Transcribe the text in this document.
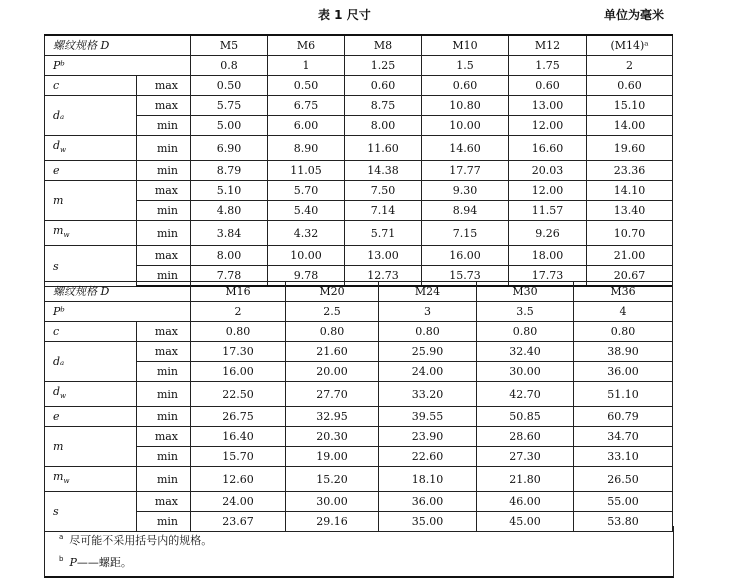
表 1 尺寸	单位为毫米
螺纹规格 D		M5	M6	M8	M10	M12	(M14)ᵃ
Pᵇ		0.8	1	1.25	1.5	1.75	2
c	max	0.50	0.50	0.60	0.60	0.60	0.60
dₐ	max	5.75	6.75	8.75	10.80	13.00	15.10
	min	5.00	6.00	8.00	10.00	12.00	14.00
$d_w$	min	6.90	8.90	11.60	14.60	16.60	19.60
e	min	8.79	11.05	14.38	17.77	20.03	23.36
m	max	5.10	5.70	7.50	9.30	12.00	14.10
	min	4.80	5.40	7.14	8.94	11.57	13.40
$m_w$	min	3.84	4.32	5.71	7.15	9.26	10.70
s	max	8.00	10.00	13.00	16.00	18.00	21.00
	min	7.78	9.78	12.73	15.73	17.73	20.67
螺纹规格 D		M16	M20	M24	M30	M36
Pᵇ		2	2.5	3	3.5	4
c	max	0.80	0.80	0.80	0.80	0.80
dₐ	max	17.30	21.60	25.90	32.40	38.90
	min	16.00	20.00	24.00	30.00	36.00
$d_w$	min	22.50	27.70	33.20	42.70	51.10
e	min	26.75	32.95	39.55	50.85	60.79
m	max	16.40	20.30	23.90	28.60	34.70
	min	15.70	19.00	22.60	27.30	33.10
$m_w$	min	12.60	15.20	18.10	21.80	26.50
s	max	24.00	30.00	36.00	46.00	55.00
	min	23.67	29.16	35.00	45.00	53.80
$^a$ 尽可能不采用括号内的规格。
$^b$ P——螺距。
